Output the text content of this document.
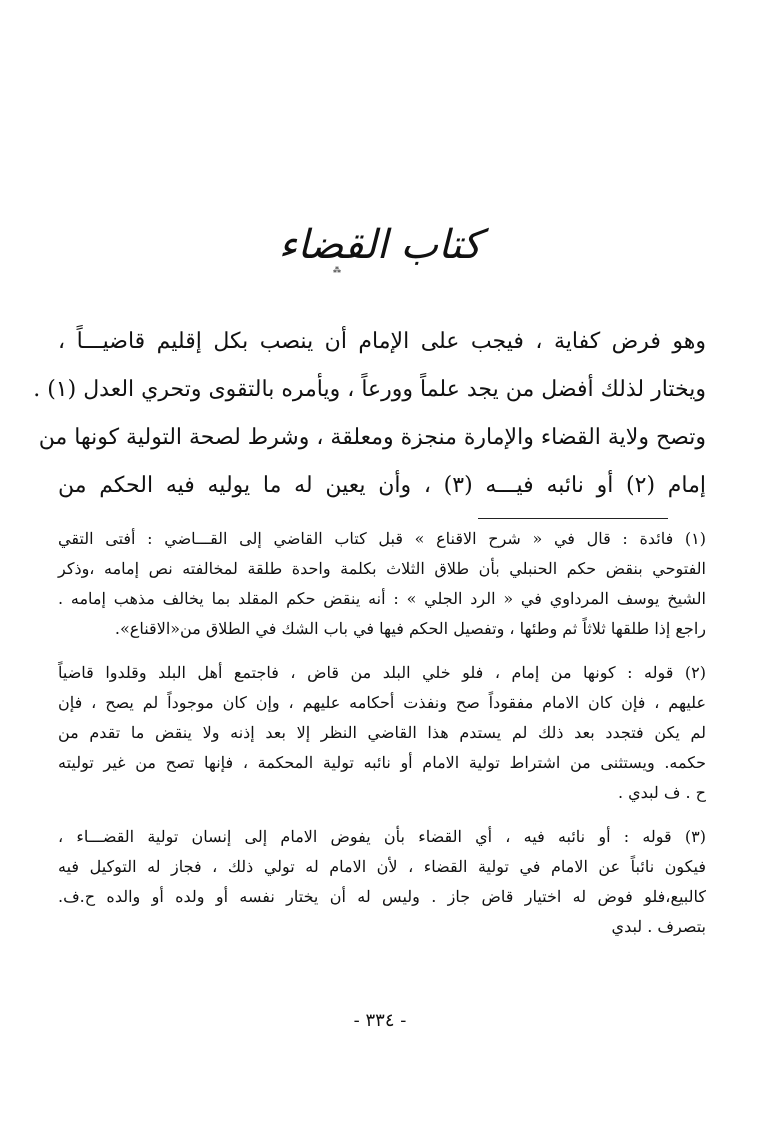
كتاب القضاء
⁂
وهو فرض كفاية ، فيجب على الإمام أن ينصب بكل إقليم قاضيـــاً ،
ويختار لذلك أفضل من يجد علماً وورعاً ، ويأمره بالتقوى وتحري العدل (١) .
وتصح ولاية القضاء والإمارة منجزة ومعلقة ، وشرط لصحة التولية كونها من
إمام (٢) أو نائبه فيـــه (٣) ، وأن يعين له ما يوليه فيه الحكم من
(١) فائدة : قال في « شرح الاقناع » قبل كتاب القاضي إلى القـــاضي : أفتى التقي
الفتوحي بنقض حكم الحنبلي بأن طلاق الثلاث بكلمة واحدة طلقة لمخالفته نص إمامه ،وذكر
الشيخ يوسف المرداوي في « الرد الجلي » : أنه ينقض حكم المقلد بما يخالف مذهب إمامه .
راجع إذا طلقها ثلاثاً ثم وطئها ، وتفصيل الحكم فيها في باب الشك في الطلاق من«الاقناع».
(٢) قوله : كونها من إمام ، فلو خلي البلد من قاض ، فاجتمع أهل البلد وقلدوا قاضياً
عليهم ، فإن كان الامام مفقوداً صح ونفذت أحكامه عليهم ، وإن كان موجوداً لم يصح ، فإن
لم يكن فتجدد بعد ذلك لم يستدم هذا القاضي النظر إلا بعد إذنه ولا ينقض ما تقدم من
حكمه. ويستثنى من اشتراط تولية الامام أو نائبه تولية المحكمة ، فإنها تصح من غير توليته
ح . ف لبدي .
(٣) قوله : أو نائبه فيه ، أي القضاء بأن يفوض الامام إلى إنسان تولية القضـــاء ،
فيكون نائباً عن الامام في تولية القضاء ، لأن الامام له تولي ذلك ، فجاز له التوكيل فيه
كالبيع،فلو فوض له اختيار قاض جاز . وليس له أن يختار نفسه أو ولده أو والده ح.ف.
بتصرف . لبدي
- ٣٣٤ -
